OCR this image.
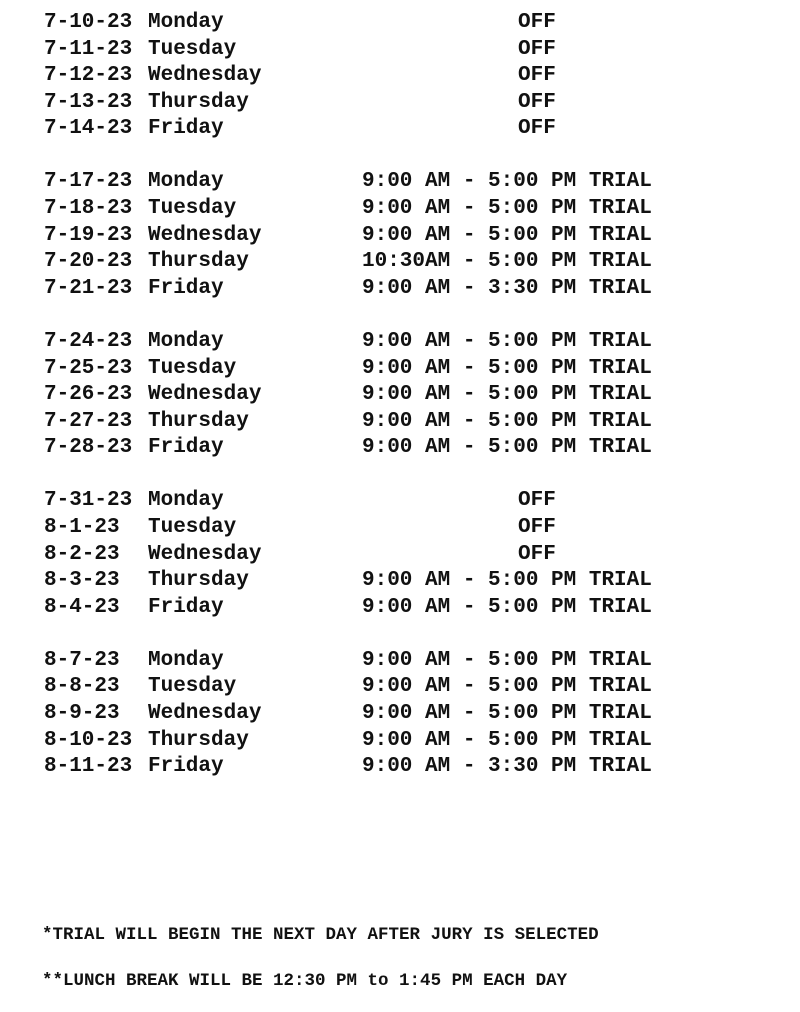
7-10-23 Monday	OFF
7-11-23 Tuesday	OFF
7-12-23 Wednesday	OFF
7-13-23 Thursday	OFF
7-14-23 Friday	OFF
7-17-23 Monday	9:00 AM - 5:00 PM TRIAL
7-18-23 Tuesday	9:00 AM - 5:00 PM TRIAL
7-19-23 Wednesday	9:00 AM - 5:00 PM TRIAL
7-20-23 Thursday	10:30AM - 5:00 PM TRIAL
7-21-23 Friday	9:00 AM - 3:30 PM TRIAL
7-24-23 Monday	9:00 AM - 5:00 PM TRIAL
7-25-23 Tuesday	9:00 AM - 5:00 PM TRIAL
7-26-23 Wednesday	9:00 AM - 5:00 PM TRIAL
7-27-23 Thursday	9:00 AM - 5:00 PM TRIAL
7-28-23 Friday	9:00 AM - 5:00 PM TRIAL
7-31-23 Monday	OFF
8-1-23 Tuesday	OFF
8-2-23 Wednesday	OFF
8-3-23 Thursday	9:00 AM - 5:00 PM TRIAL
8-4-23 Friday	9:00 AM - 5:00 PM TRIAL
8-7-23 Monday	9:00 AM - 5:00 PM TRIAL
8-8-23 Tuesday	9:00 AM - 5:00 PM TRIAL
8-9-23 Wednesday	9:00 AM - 5:00 PM TRIAL
8-10-23 Thursday	9:00 AM - 5:00 PM TRIAL
8-11-23 Friday	9:00 AM - 3:30 PM TRIAL
*TRIAL WILL BEGIN THE NEXT DAY AFTER JURY IS SELECTED
**LUNCH BREAK WILL BE 12:30 PM to 1:45 PM EACH DAY
